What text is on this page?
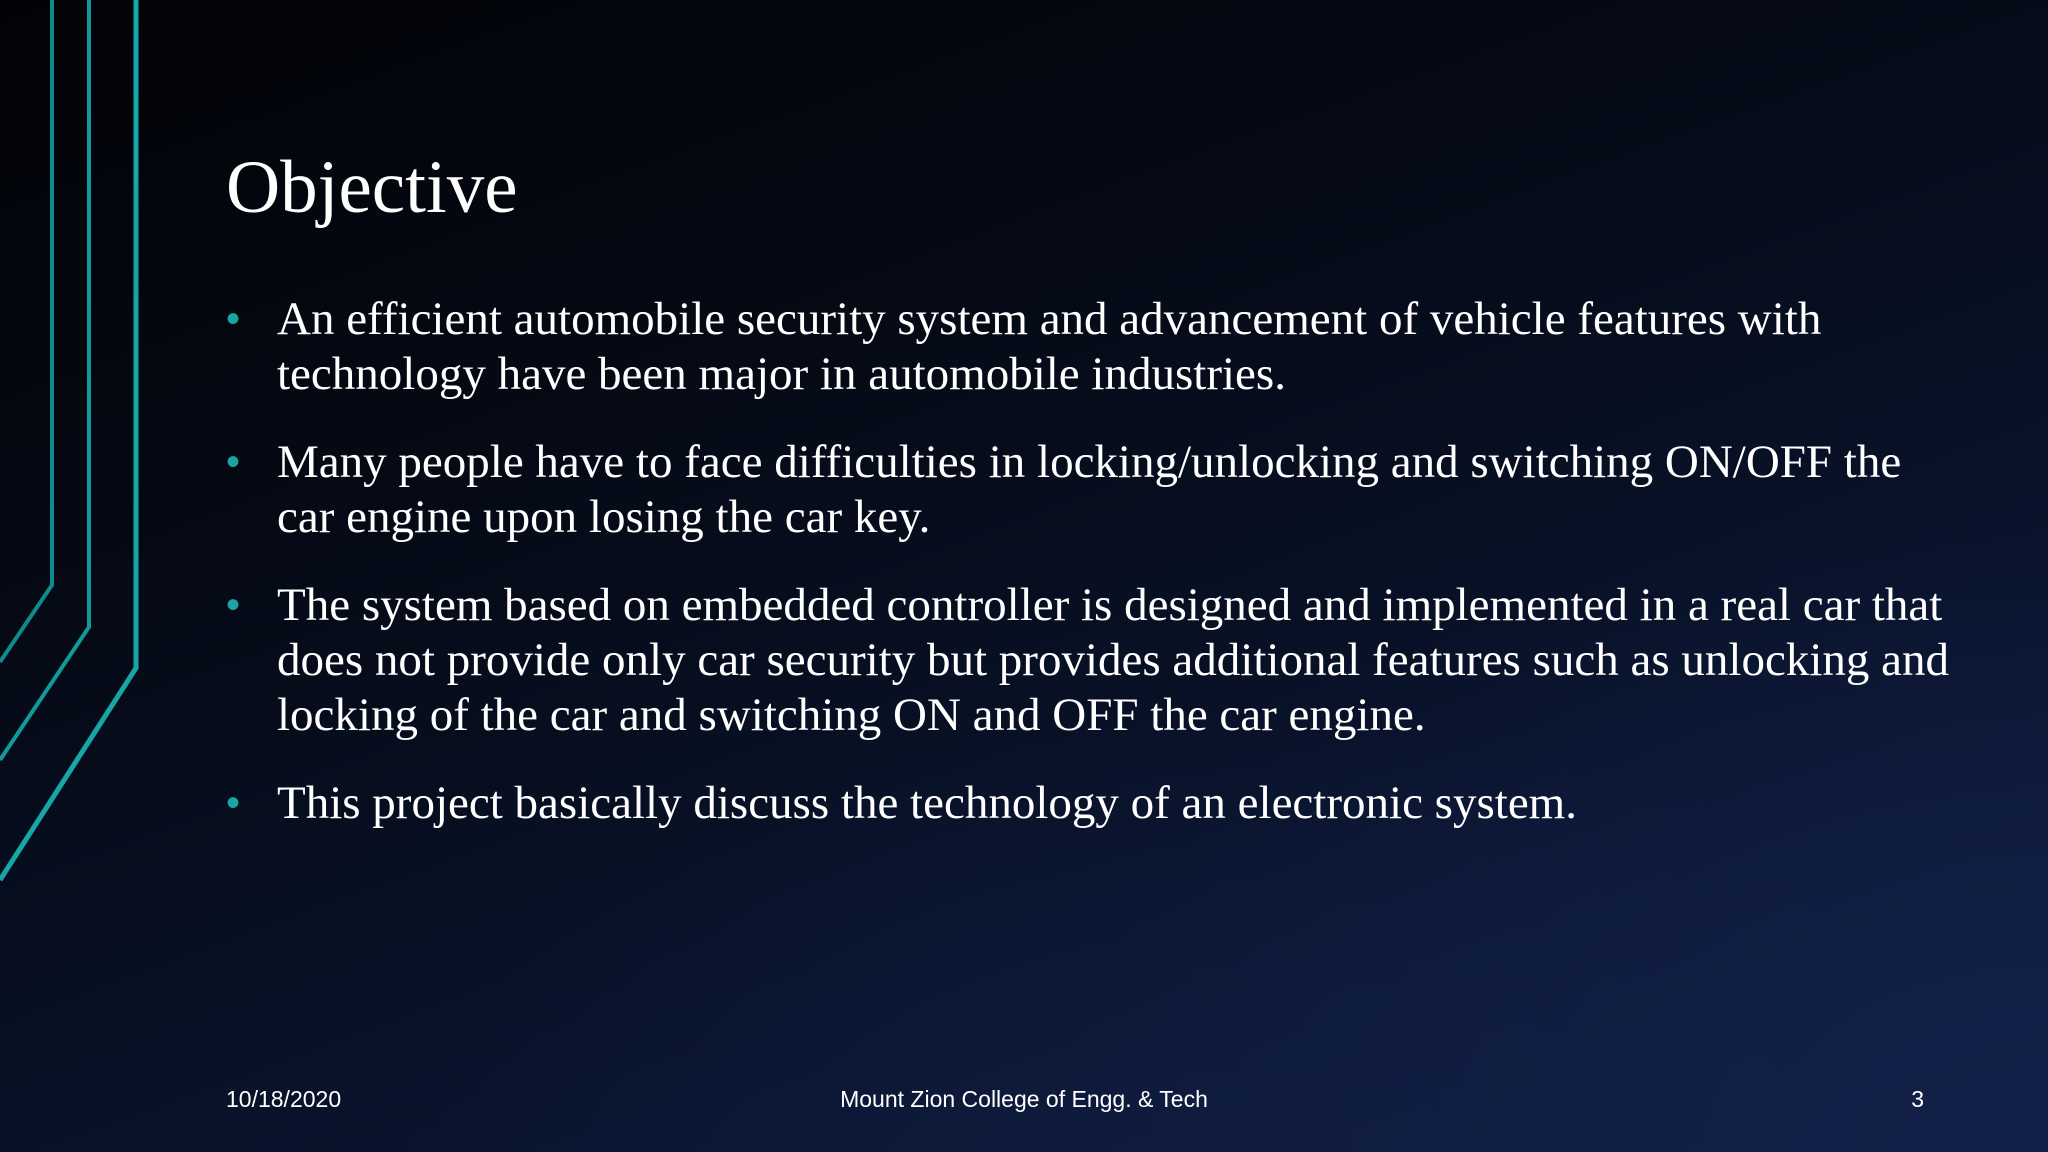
Objective
• An efficient automobile security system and advancement of vehicle features with technology have been major in automobile industries.
• Many people have to face difficulties in locking/unlocking and switching ON/OFF the car engine upon losing the car key.
• The system based on embedded controller is designed and implemented in a real car that does not provide only car security but provides additional features such as unlocking and locking of the car and switching ON and OFF the car engine.
• This project basically discuss the technology of an electronic system.
10/18/2020	Mount Zion College of Engg. & Tech	3
